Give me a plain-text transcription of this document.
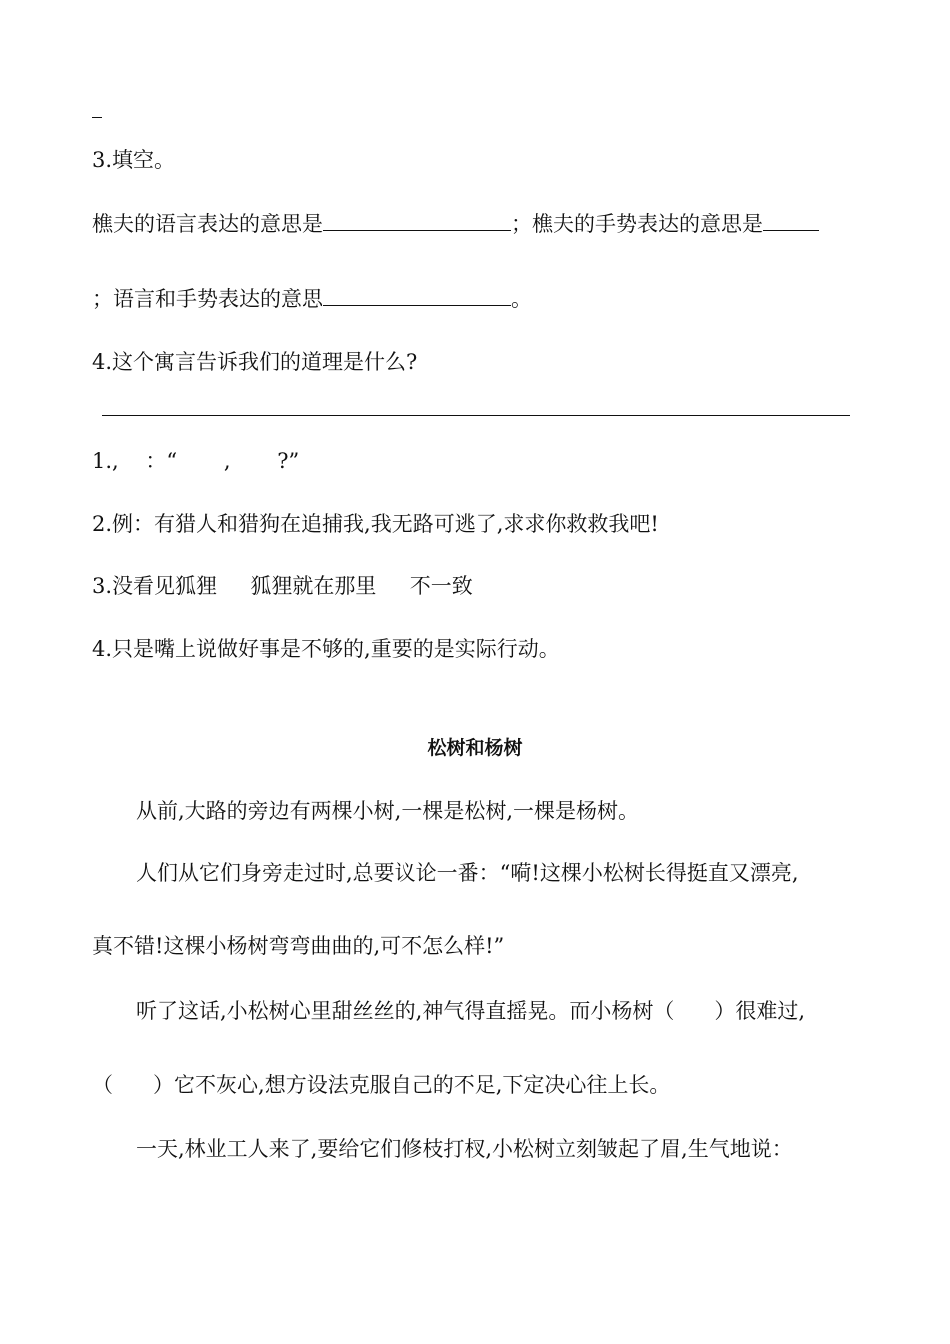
3.填空。
樵夫的语言表达的意思是	；樵夫的手势表达的意思是
；语言和手势表达的意思	。
4.这个寓言告诉我们的道理是什么?
1.,    ：“       ,       ?”
2.例：有猎人和猎狗在追捕我,我无路可逃了,求求你救救我吧!
3.没看见狐狸     狐狸就在那里     不一致
4.只是嘴上说做好事是不够的,重要的是实际行动。
松树和杨树
从前,大路的旁边有两棵小树,一棵是松树,一棵是杨树。
人们从它们身旁走过时,总要议论一番：“嗬!这棵小松树长得挺直又漂亮,
真不错!这棵小杨树弯弯曲曲的,可不怎么样!”
听了这话,小松树心里甜丝丝的,神气得直摇晃。而小杨树（      ）很难过,
（      ）它不灰心,想方设法克服自己的不足,下定决心往上长。
一天,林业工人来了,要给它们修枝打杈,小松树立刻皱起了眉,生气地说：
